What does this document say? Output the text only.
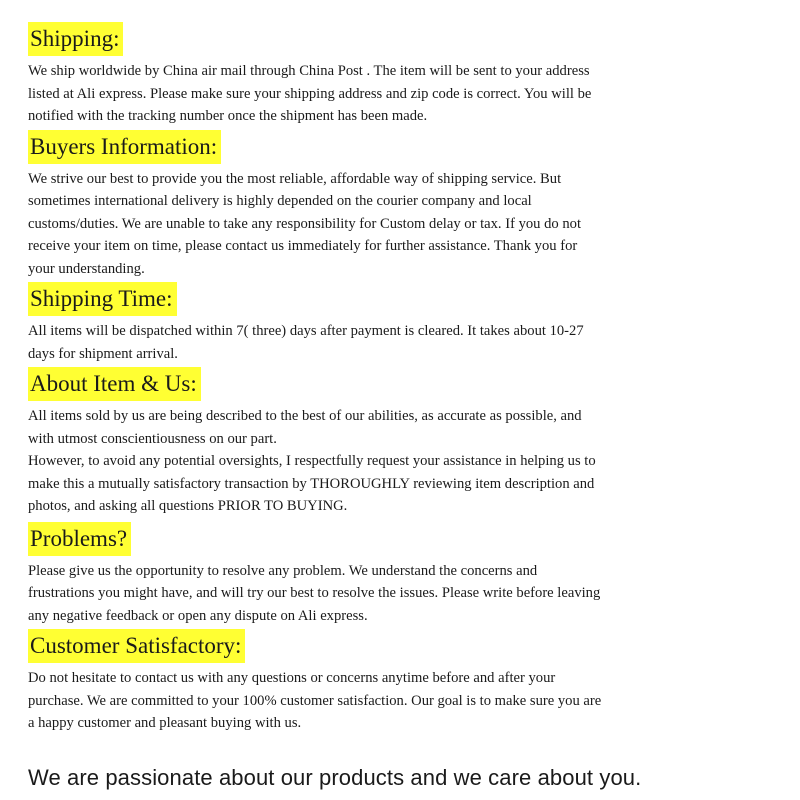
Shipping:
We ship worldwide by China air mail through China Post . The item will be sent to your address
listed at Ali express. Please make sure your shipping address and zip code is correct. You will be
notified with the tracking number once the shipment has been made.
Buyers Information:
We strive our best to provide you the most reliable, affordable way of shipping service. But
sometimes international delivery is highly depended on the courier company and local
customs/duties. We are unable to take any responsibility for Custom delay or tax. If you do not
receive your item on time, please contact us immediately for further assistance. Thank you for
your understanding.
Shipping Time:
All items will be dispatched within 7( three) days after payment is cleared. It takes about 10-27
days for shipment arrival.
About Item & Us:
All items sold by us are being described to the best of our abilities, as accurate as possible, and
with utmost conscientiousness on our part.
However, to avoid any potential oversights, I respectfully request your assistance in helping us to
make this a mutually satisfactory transaction by THOROUGHLY reviewing item description and
photos, and asking all questions PRIOR TO BUYING.
Problems?
Please give us the opportunity to resolve any problem. We understand the concerns and
frustrations you might have, and will try our best to resolve the issues. Please write before leaving
any negative feedback or open any dispute on Ali express.
Customer Satisfactory:
Do not hesitate to contact us with any questions or concerns anytime before and after your
purchase. We are committed to your 100% customer satisfaction. Our goal is to make sure you are
a happy customer and pleasant buying with us.
We are passionate about our products and we care about you.
